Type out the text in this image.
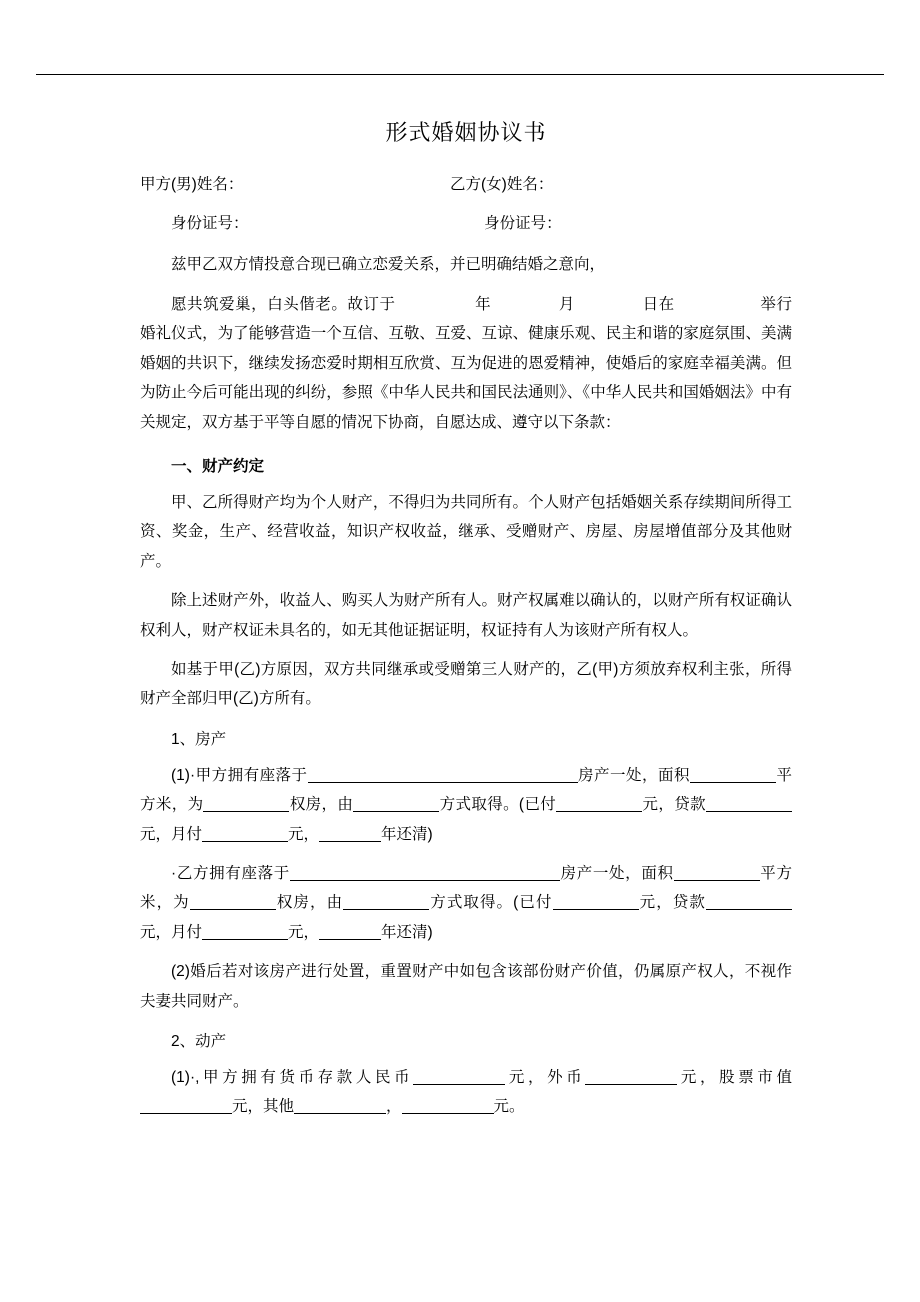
形式婚姻协议书
甲方(男)姓名：	乙方(女)姓名：
身份证号：	身份证号：
兹甲乙双方情投意合现已确立恋爱关系，并已明确结婚之意向，
愿共筑爱巢，白头偕老。故订于	年	月	日在	举行婚礼仪式，为了能够营造一个互信、互敬、互爱、互谅、健康乐观、民主和谐的家庭氛围、美满婚姻的共识下，继续发扬恋爱时期相互欣赏、互为促进的恩爱精神，使婚后的家庭幸福美满。但为防止今后可能出现的纠纷，参照《中华人民共和国民法通则》、《中华人民共和国婚姻法》中有关规定，双方基于平等自愿的情况下协商，自愿达成、遵守以下条款：
一、财产约定
甲、乙所得财产均为个人财产，不得归为共同所有。个人财产包括婚姻关系存续期间所得工资、奖金，生产、经营收益，知识产权收益，继承、受赠财产、房屋、房屋增值部分及其他财产。
除上述财产外，收益人、购买人为财产所有人。财产权属难以确认的，以财产所有权证确认权利人，财产权证未具名的，如无其他证据证明，权证持有人为该财产所有权人。
如基于甲(乙)方原因，双方共同继承或受赠第三人财产的，乙(甲)方须放弃权利主张，所得财产全部归甲(乙)方所有。
1、房产
(1)·甲方拥有座落于	房产一处，面积	平方米，为	权房，由	方式取得。(已付	元，贷款元，月付	元，	年还清)
·乙方拥有座落于	房产一处，面积	平方米，为	权房，由	方式取得。(已付	元，贷款元，月付	元，	年还清)
(2)婚后若对该房产进行处置，重置财产中如包含该部份财产价值，仍属原产权人，不视作夫妻共同财产。
2、动产
(1)·,甲方拥有货币存款人民币	元，外币	元，股票市值元，其他	，	元。
